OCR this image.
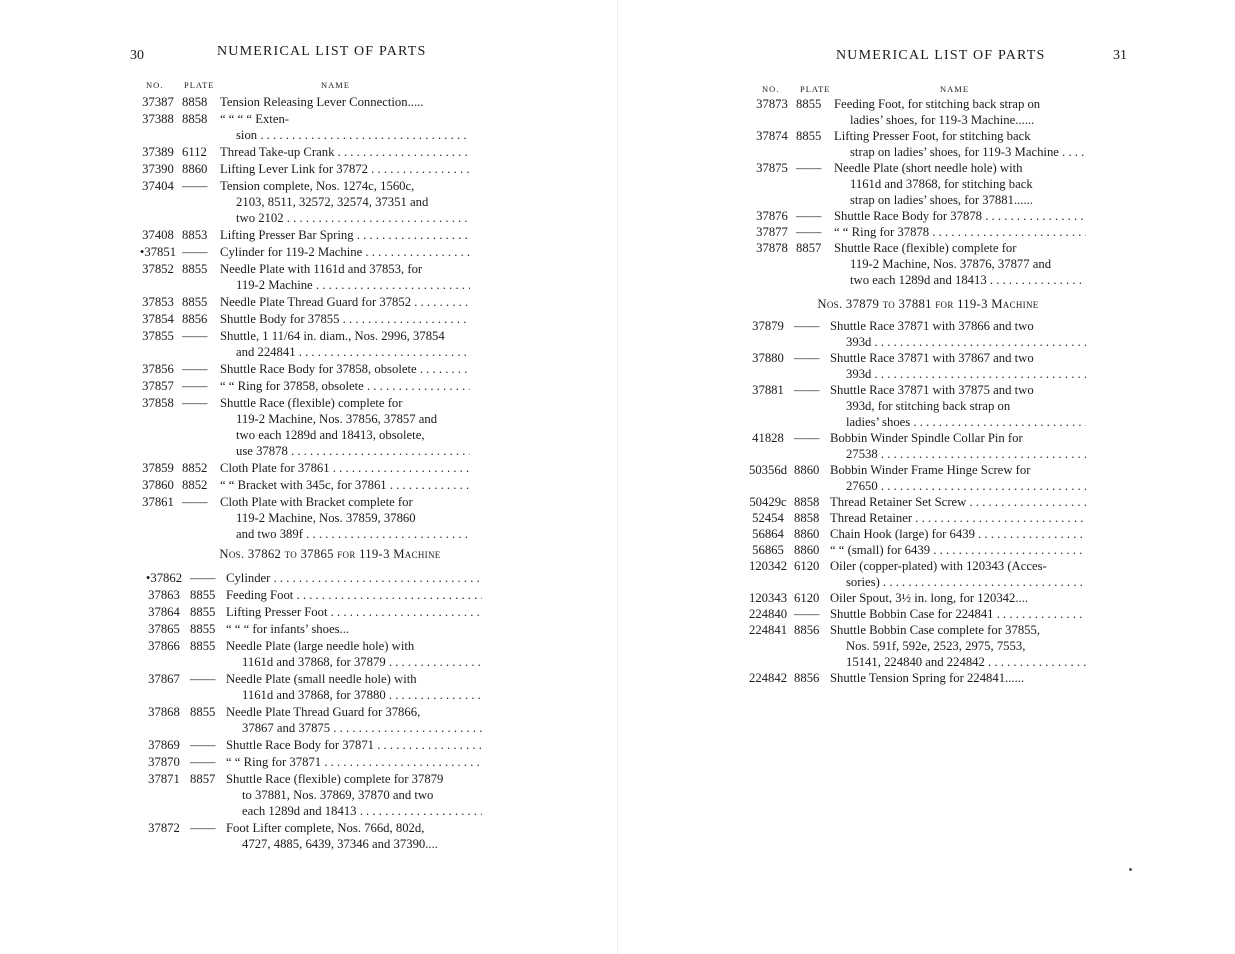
30	NUMERICAL LIST OF PARTS
NO. PLATE	NAME
37387 8858 Tension Releasing Lever Connection.....
37388 8858 “ “ “ “ Exten-
sion . . .
37389 6112 Thread Take-up Crank . . .
37390 8860 Lifting Lever Link for 37872 . . .
37404 —— Tension complete, Nos. 1274c, 1560c,
2103, 8511, 32572, 32574, 37351 and
two 2102 . . .
37408 8853 Lifting Presser Bar Spring . . .
•37851 —— Cylinder for 119-2 Machine . . .
37852 8855 Needle Plate with 1161d and 37853, for
119-2 Machine . . .
37853 8855 Needle Plate Thread Guard for 37852 . . .
37854 8856 Shuttle Body for 37855 . . .
37855 —— Shuttle, 1 11/64 in. diam., Nos. 2996, 37854
and 224841 . . .
37856 —— Shuttle Race Body for 37858, obsolete . . .
37857 —— “ “ Ring for 37858, obsolete . . .
37858 —— Shuttle Race (flexible) complete for
119-2 Machine, Nos. 37856, 37857 and
two each 1289d and 18413, obsolete,
use 37878 . . .
37859 8852 Cloth Plate for 37861 . . .
37860 8852 “ “ Bracket with 345c, for 37861 . . .
37861 —— Cloth Plate with Bracket complete for
119-2 Machine, Nos. 37859, 37860
and two 389f . . .
Nos. 37862 to 37865 for 119-3 Machine
•37862 —— Cylinder . . .
37863 8855 Feeding Foot . . .
37864 8855 Lifting Presser Foot . . .
37865 8855 “ “ “ for infants’ shoes...
37866 8855 Needle Plate (large needle hole) with
1161d and 37868, for 37879 . . .
37867 —— Needle Plate (small needle hole) with
1161d and 37868, for 37880 . . .
37868 8855 Needle Plate Thread Guard for 37866,
37867 and 37875 . . .
37869 —— Shuttle Race Body for 37871 . . .
37870 —— “ “ Ring for 37871 . . .
37871 8857 Shuttle Race (flexible) complete for 37879
to 37881, Nos. 37869, 37870 and two
each 1289d and 18413 . . .
37872 —— Foot Lifter complete, Nos. 766d, 802d,
4727, 4885, 6439, 37346 and 37390....
NUMERICAL LIST OF PARTS	31
NO. PLATE	NAME
37873 8855 Feeding Foot, for stitching back strap on
ladies’ shoes, for 119-3 Machine......
37874 8855 Lifting Presser Foot, for stitching back
strap on ladies’ shoes, for 119-3 Machine . . .
37875 —— Needle Plate (short needle hole) with
1161d and 37868, for stitching back
strap on ladies’ shoes, for 37881......
37876 —— Shuttle Race Body for 37878 . . .
37877 —— “ “ Ring for 37878 . . .
37878 8857 Shuttle Race (flexible) complete for
119-2 Machine, Nos. 37876, 37877 and
two each 1289d and 18413 . . .
Nos. 37879 to 37881 for 119-3 Machine
37879 —— Shuttle Race 37871 with 37866 and two
393d . . .
37880 —— Shuttle Race 37871 with 37867 and two
393d . . .
37881 —— Shuttle Race 37871 with 37875 and two
393d, for stitching back strap on
ladies’ shoes . . .
41828 —— Bobbin Winder Spindle Collar Pin for
27538 . . .
50356d 8860 Bobbin Winder Frame Hinge Screw for
27650 . . .
50429c 8858 Thread Retainer Set Screw . . .
52454 8858 Thread Retainer . . .
56864 8860 Chain Hook (large) for 6439 . . .
56865 8860 “ “ (small) for 6439 . . .
120342 6120 Oiler (copper-plated) with 120343 (Acces-
sories) . . .
120343 6120 Oiler Spout, 3½ in. long, for 120342....
224840 —— Shuttle Bobbin Case for 224841 . . .
224841 8856 Shuttle Bobbin Case complete for 37855,
Nos. 591f, 592e, 2523, 2975, 7553,
15141, 224840 and 224842 . . .
224842 8856 Shuttle Tension Spring for 224841......
